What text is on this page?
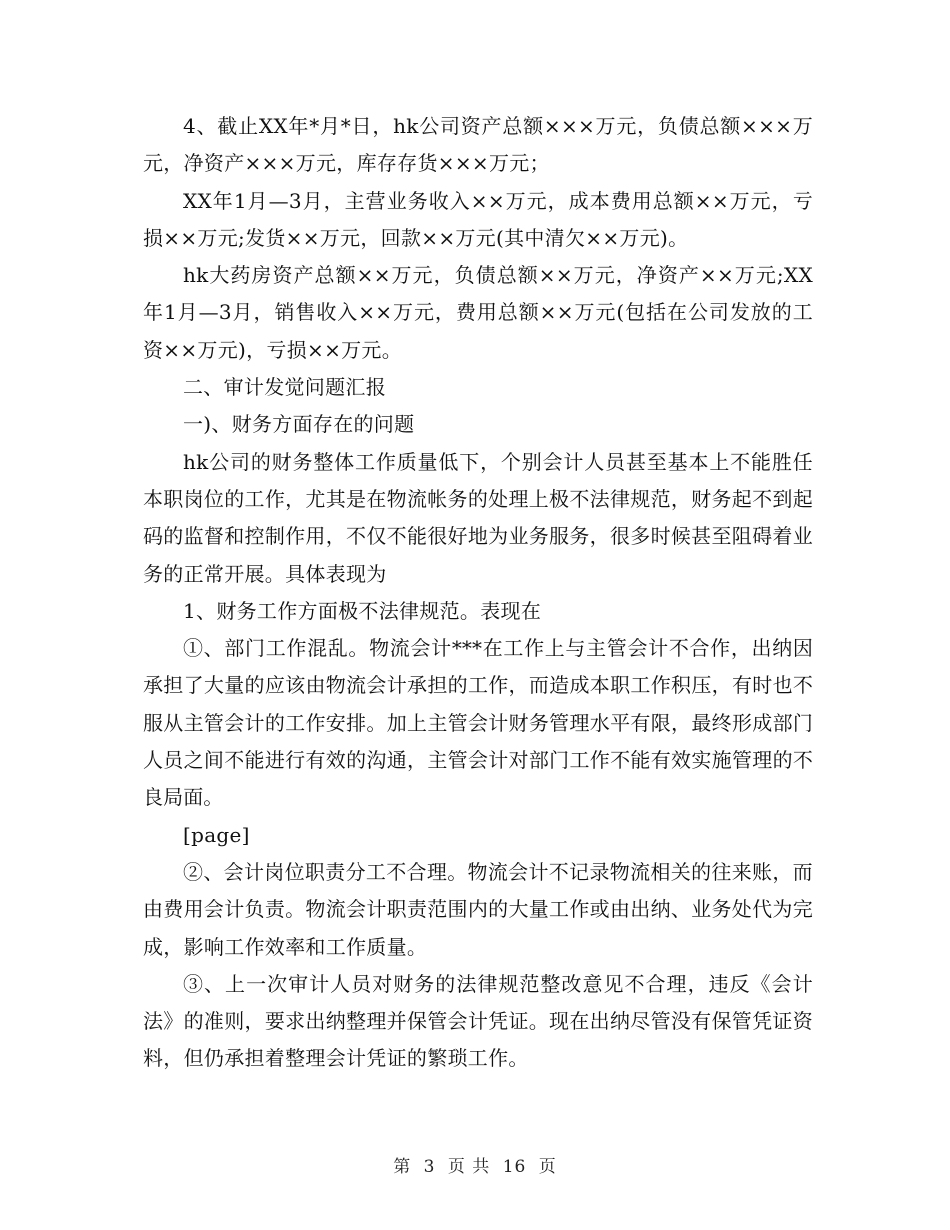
4、截止XX年*月*日，hk公司资产总额×××万元，负债总额×××万元，净资产×××万元，库存存货×××万元；

XX年1月—3月，主营业务收入××万元，成本费用总额××万元，亏损××万元;发货××万元，回款××万元(其中清欠××万元)。

hk大药房资产总额××万元，负债总额××万元，净资产××万元;XX年1月—3月，销售收入××万元，费用总额××万元(包括在公司发放的工资××万元)，亏损××万元。

二、审计发觉问题汇报

一)、财务方面存在的问题

hk公司的财务整体工作质量低下，个别会计人员甚至基本上不能胜任本职岗位的工作，尤其是在物流帐务的处理上极不法律规范，财务起不到起码的监督和控制作用，不仅不能很好地为业务服务，很多时候甚至阻碍着业务的正常开展。具体表现为

1、财务工作方面极不法律规范。表现在

①、部门工作混乱。物流会计***在工作上与主管会计不合作，出纳因承担了大量的应该由物流会计承担的工作，而造成本职工作积压，有时也不服从主管会计的工作安排。加上主管会计财务管理水平有限，最终形成部门人员之间不能进行有效的沟通，主管会计对部门工作不能有效实施管理的不良局面。

[page]

②、会计岗位职责分工不合理。物流会计不记录物流相关的往来账，而由费用会计负责。物流会计职责范围内的大量工作或由出纳、业务处代为完成，影响工作效率和工作质量。

③、上一次审计人员对财务的法律规范整改意见不合理，违反《会计法》的准则，要求出纳整理并保管会计凭证。现在出纳尽管没有保管凭证资料，但仍承担着整理会计凭证的繁琐工作。

第 3 页 共 16 页
